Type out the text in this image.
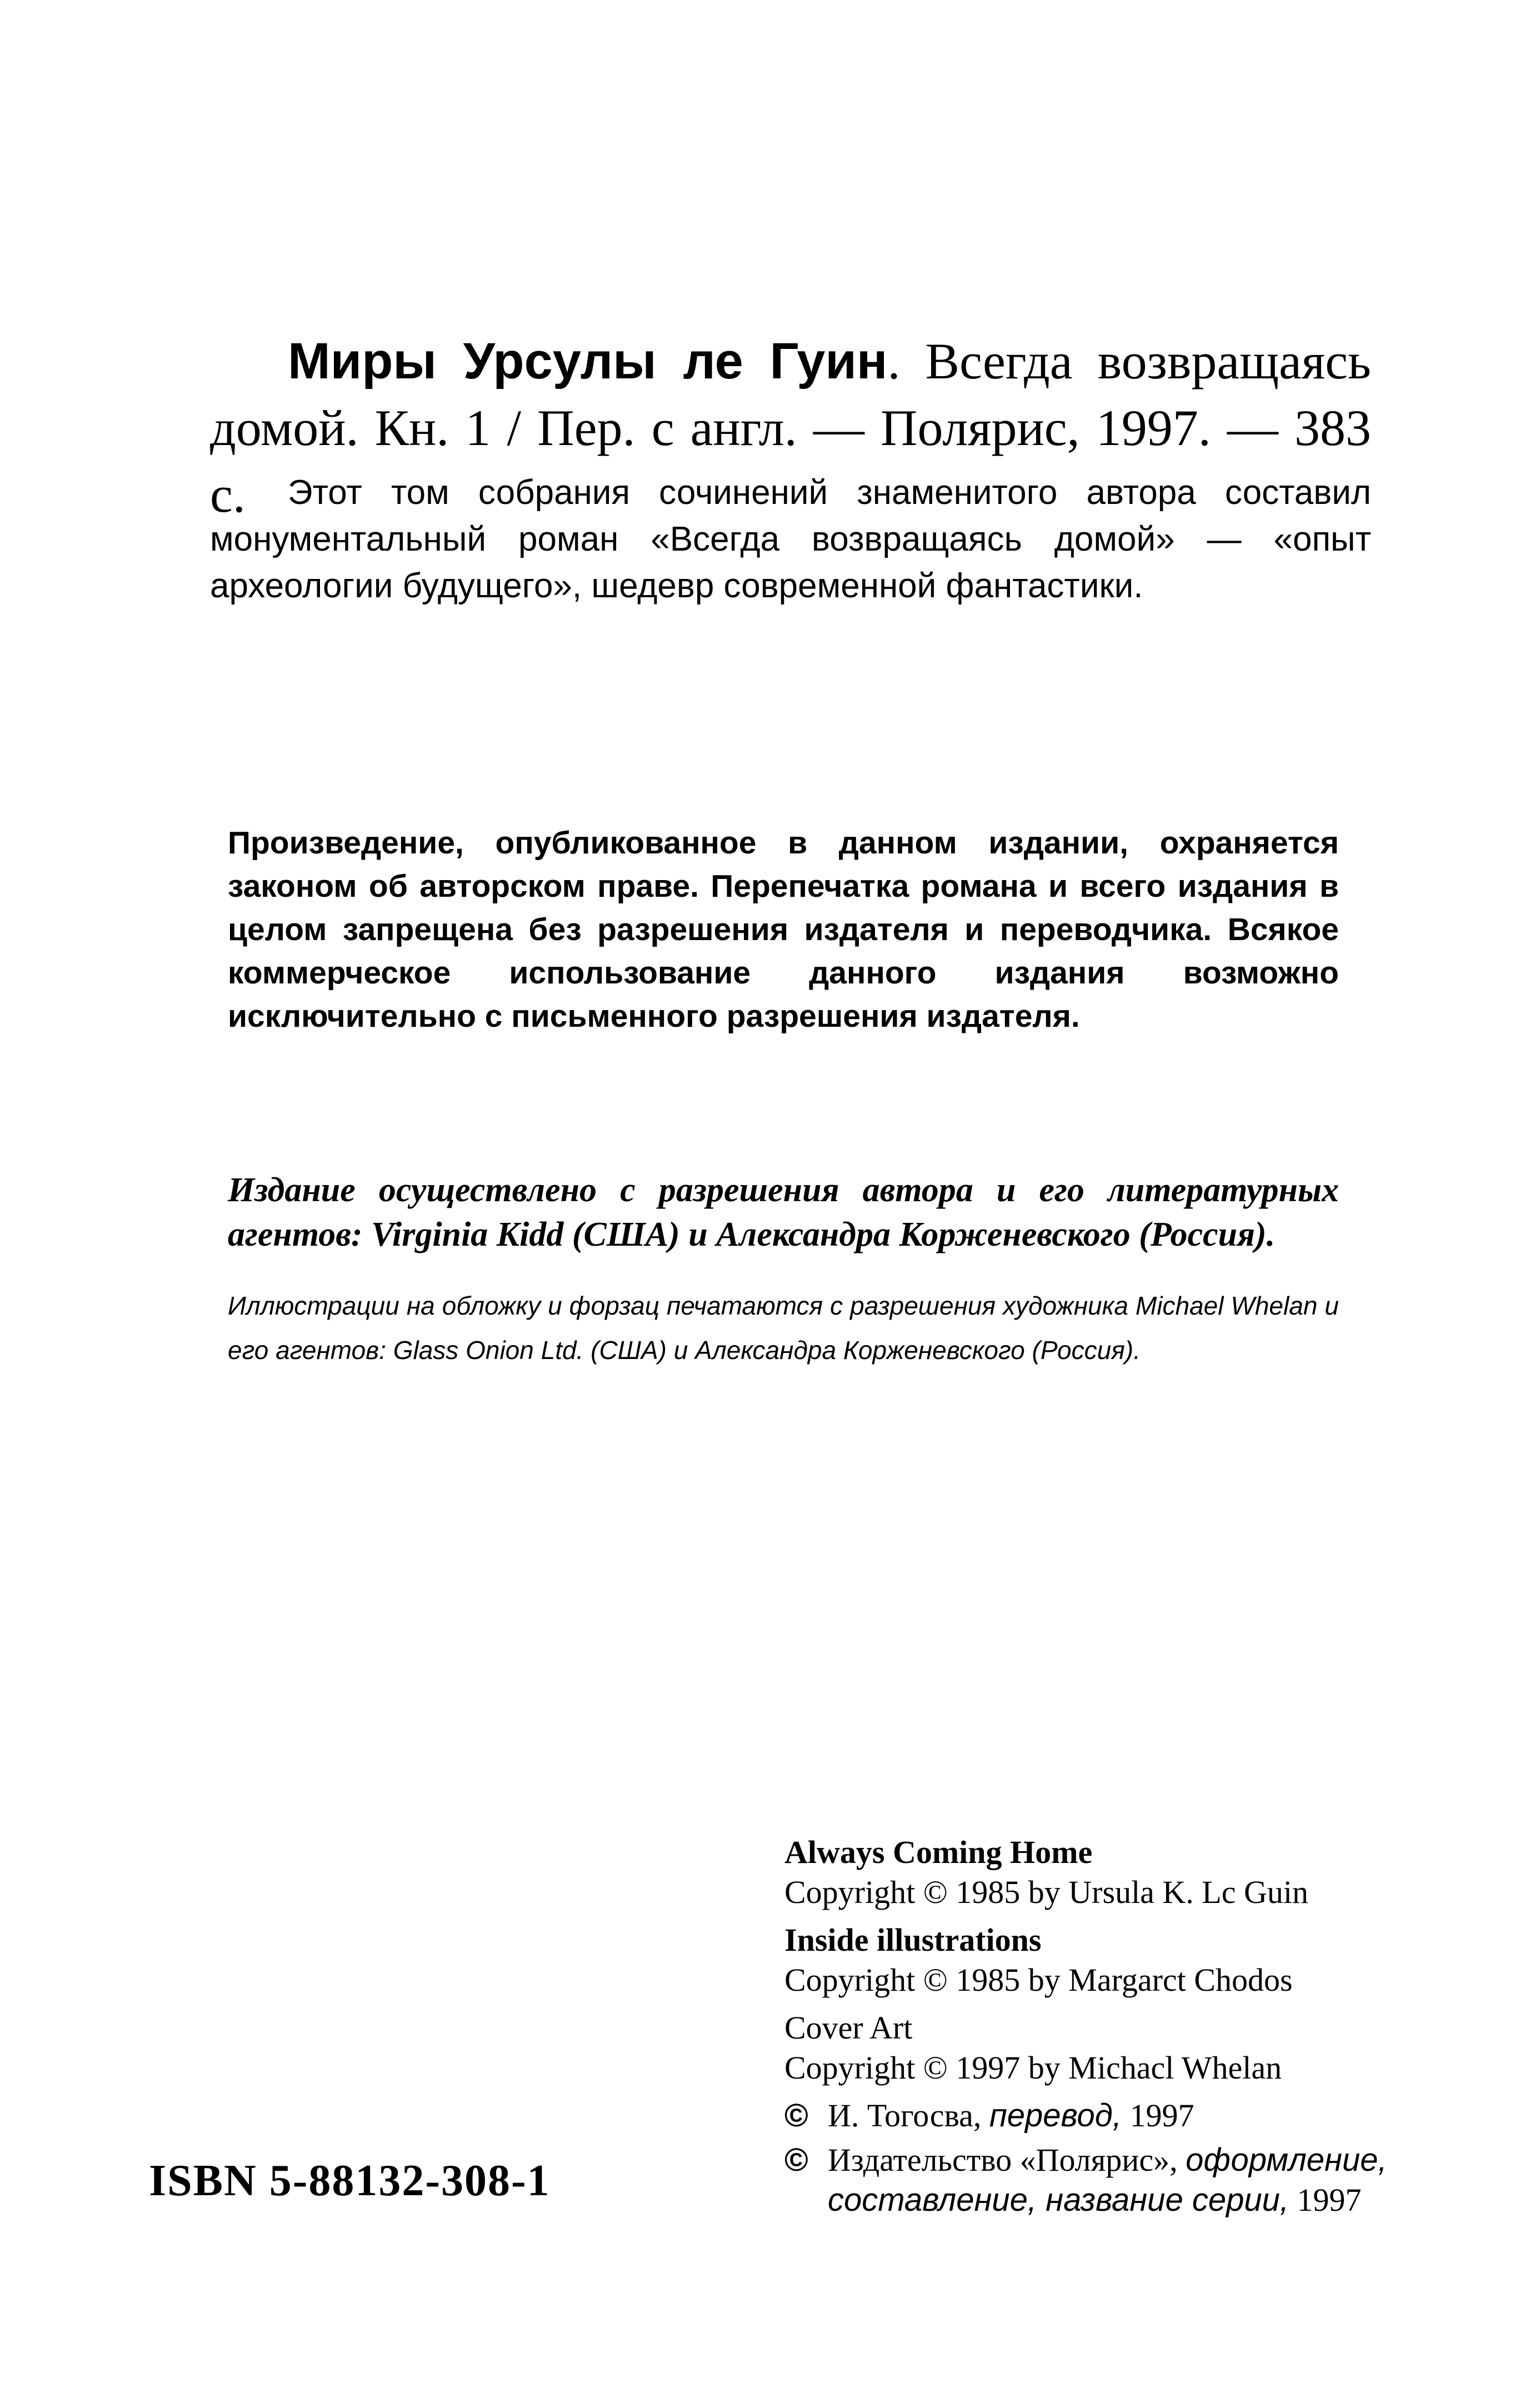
Миры Урсулы ле Гуин. Всегда возвращаясь домой. Кн. 1 / Пер. с англ. — Полярис, 1997. — 383 с.	Этот том собрания сочинений знаменитого автора составил монументальный роман «Всегда возвращаясь домой» — «опыт археологии будущего», шедевр современной фантастики.

Произведение, опубликованное в данном издании, охраняется законом об авторском праве. Перепечатка романа и всего издания в целом запрещена без разрешения издателя и переводчика. Всякое коммерческое использование данного издания возможно исключительно с письменного разрешения издателя.

Издание осуществлено с разрешения автора и его литературных агентов: Virginia Kidd (США) и Александра Корженевского (Россия).

Иллюстрации на обложку и форзац печатаются с разрешения художника Michael Whelan и его агентов: Glass Onion Ltd. (США) и Александра Корженевского (Россия).

Always Coming Home
Copyright © 1985 by Ursula K. Lc Guin
Inside illustrations
Copyright © 1985 by Margarct Chodos
Cover Art
Copyright © 1997 by Michacl Whelan
© И. Тогосва, перевод, 1997
© Издательство «Полярис», оформление,
составление, название серии, 1997
ISBN 5-88132-308-1
